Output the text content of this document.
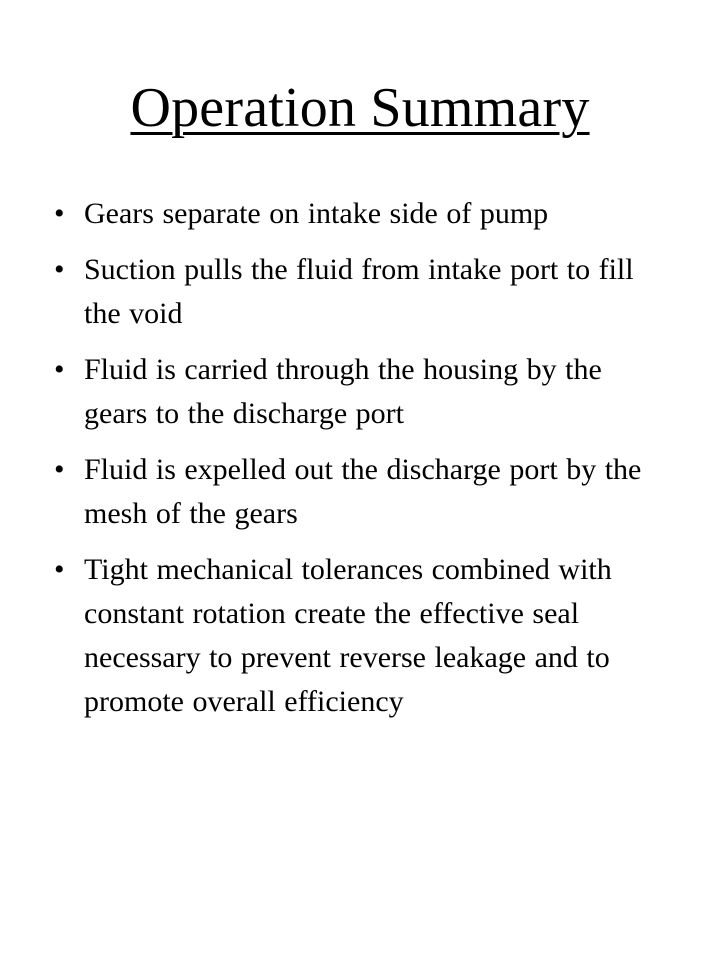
Operation Summary
• Gears separate on intake side of pump
• Suction pulls the fluid from intake port to fill the void
• Fluid is carried through the housing by the gears to the discharge port
• Fluid is expelled out the discharge port by the mesh of the gears
• Tight mechanical tolerances combined with constant rotation create the effective seal necessary to prevent reverse leakage and to promote overall efficiency
